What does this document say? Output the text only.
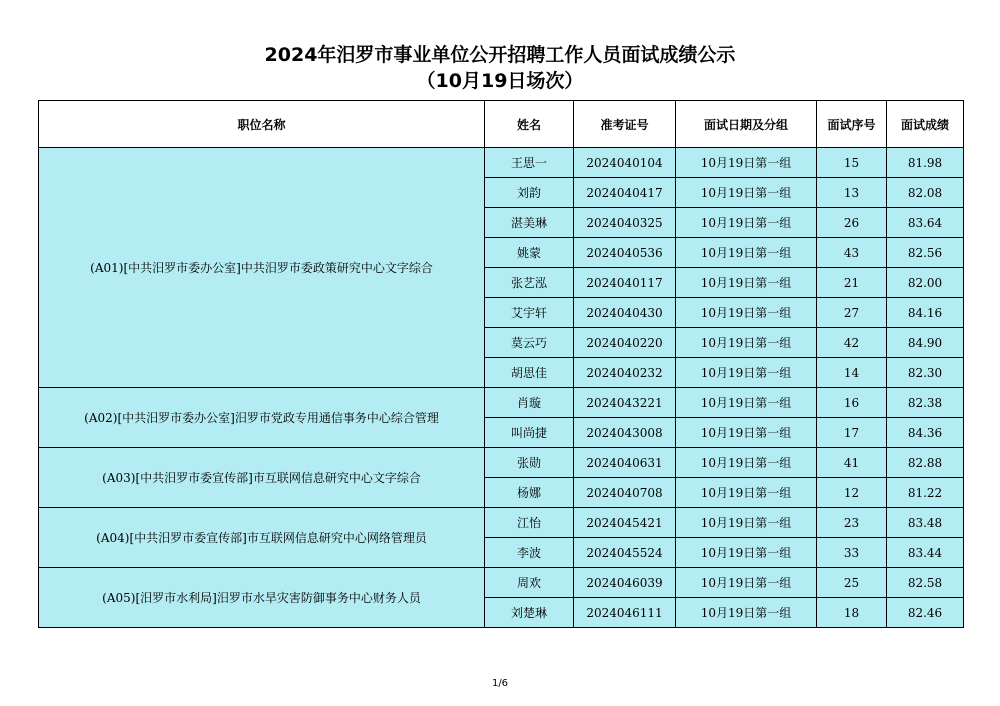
2024年汨罗市事业单位公开招聘工作人员面试成绩公示
（10月19日场次）
职位名称	姓名	准考证号	面试日期及分组	面试序号	面试成绩
(A01)[中共汨罗市委办公室]中共汨罗市委政策研究中心文字综合	王思一	2024040104	10月19日第一组	15	81.98
	刘韵	2024040417	10月19日第一组	13	82.08
	湛美琳	2024040325	10月19日第一组	26	83.64
	姚蒙	2024040536	10月19日第一组	43	82.56
	张艺泓	2024040117	10月19日第一组	21	82.00
	艾宇轩	2024040430	10月19日第一组	27	84.16
	莫云巧	2024040220	10月19日第一组	42	84.90
	胡思佳	2024040232	10月19日第一组	14	82.30
(A02)[中共汨罗市委办公室]汨罗市党政专用通信事务中心综合管理	肖璇	2024043221	10月19日第一组	16	82.38
	叫尚捷	2024043008	10月19日第一组	17	84.36
(A03)[中共汨罗市委宣传部]市互联网信息研究中心文字综合	张勋	2024040631	10月19日第一组	41	82.88
	杨娜	2024040708	10月19日第一组	12	81.22
(A04)[中共汨罗市委宣传部]市互联网信息研究中心网络管理员	江怡	2024045421	10月19日第一组	23	83.48
	李波	2024045524	10月19日第一组	33	83.44
(A05)[汨罗市水利局]汨罗市水旱灾害防御事务中心财务人员	周欢	2024046039	10月19日第一组	25	82.58
	刘楚琳	2024046111	10月19日第一组	18	82.46
1/6
